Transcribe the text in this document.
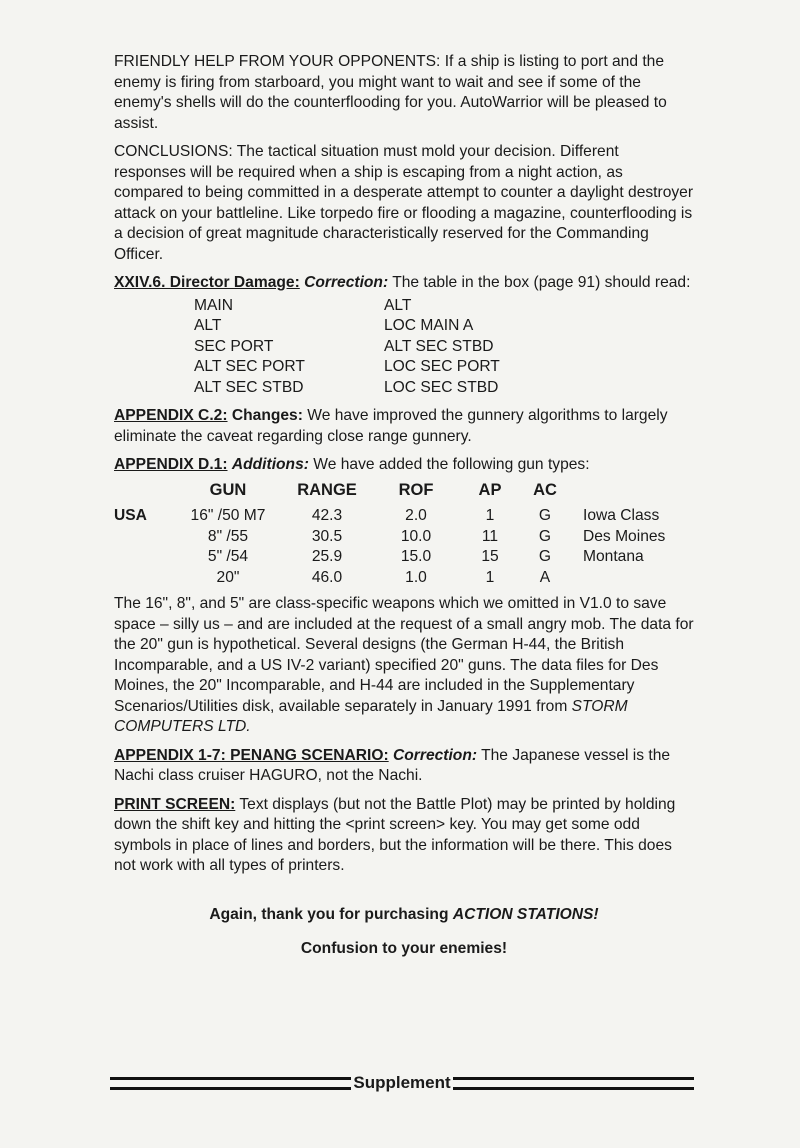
FRIENDLY HELP FROM YOUR OPPONENTS: If a ship is listing to port and the enemy is firing from starboard, you might want to wait and see if some of the enemy's shells will do the counterflooding for you. AutoWarrior will be pleased to assist.

CONCLUSIONS: The tactical situation must mold your decision. Different responses will be required when a ship is escaping from a night action, as compared to being committed in a desperate attempt to counter a daylight destroyer attack on your battleline. Like torpedo fire or flooding a magazine, counterflooding is a decision of great magnitude characteristically reserved for the Commanding Officer.

XXIV.6. Director Damage: Correction: The table in the box (page 91) should read:

MAIN	ALT
ALT	LOC MAIN A
SEC PORT	ALT SEC STBD
ALT SEC PORT	LOC SEC PORT
ALT SEC STBD	LOC SEC STBD

APPENDIX C.2: Changes: We have improved the gunnery algorithms to largely eliminate the caveat regarding close range gunnery.

APPENDIX D.1: Additions: We have added the following gun types:

	GUN	RANGE	ROF	AP	AC	
USA	16" /50 M7	42.3	2.0	1	G	Iowa Class
	8" /55	30.5	10.0	11	G	Des Moines
	5" /54	25.9	15.0	15	G	Montana
	20"	46.0	1.0	1	A	

The 16", 8", and 5" are class-specific weapons which we omitted in V1.0 to save space – silly us – and are included at the request of a small angry mob. The data for the 20" gun is hypothetical. Several designs (the German H-44, the British Incomparable, and a US IV-2 variant) specified 20" guns. The data files for Des Moines, the 20" Incomparable, and H-44 are included in the Supplementary Scenarios/Utilities disk, available separately in January 1991 from STORM COMPUTERS LTD.

APPENDIX 1-7: PENANG SCENARIO: Correction: The Japanese vessel is the Nachi class cruiser HAGURO, not the Nachi.

PRINT SCREEN: Text displays (but not the Battle Plot) may be printed by holding down the shift key and hitting the <print screen> key. You may get some odd symbols in place of lines and borders, but the information will be there. This does not work with all types of printers.

Again, thank you for purchasing ACTION STATIONS!
Confusion to your enemies!
Supplement
